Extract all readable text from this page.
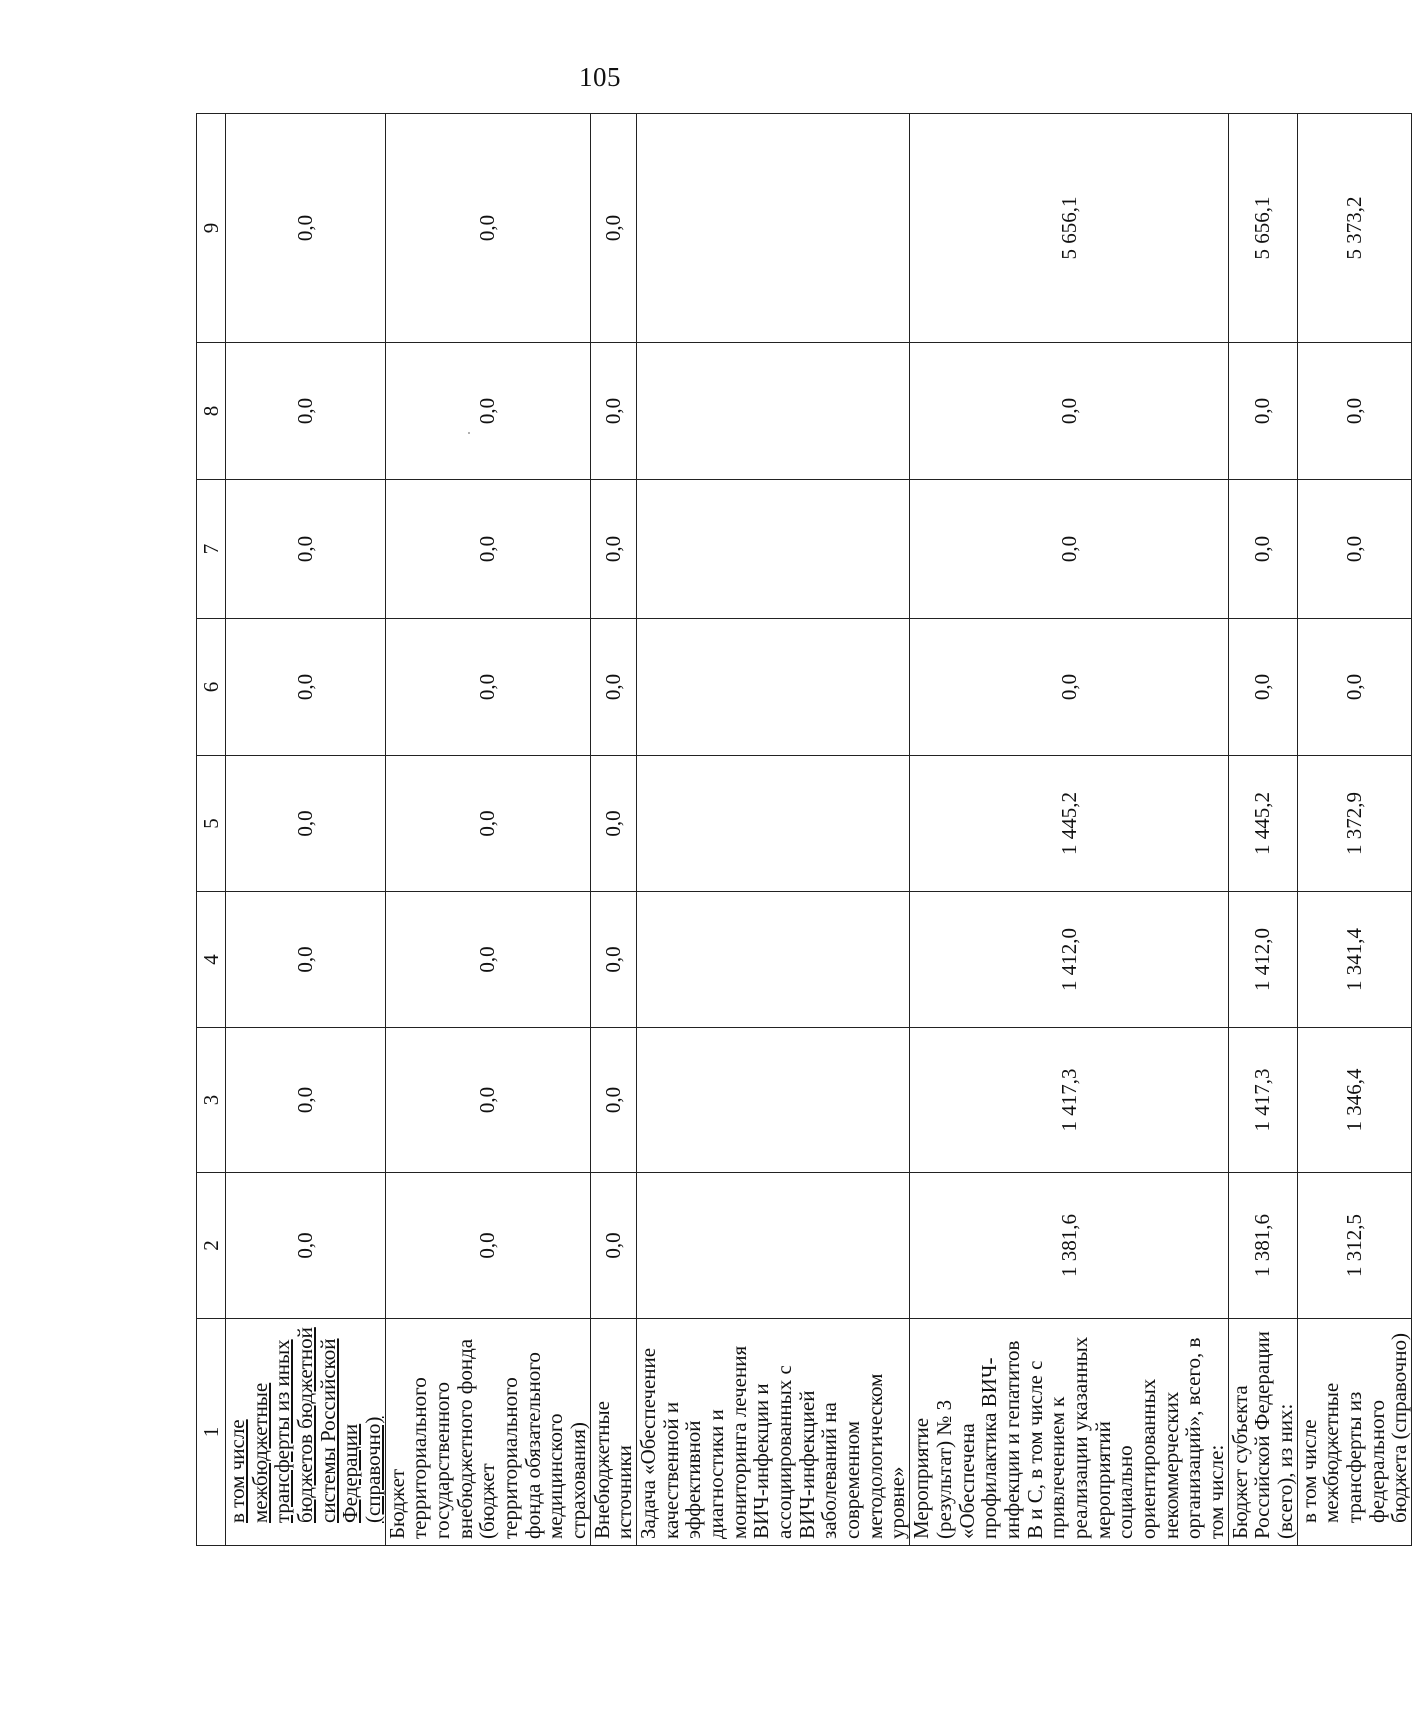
105
1	2	3	4	5	6	7	8	9
в том числе межбюджетные трансферты из иных бюджетов бюджетной системы Российской Федерации (справочно)	0,0	0,0	0,0	0,0	0,0	0,0	0,0	0,0
Бюджет территориального государственного внебюджетного фонда (бюджет территориального фонда обязательного медицинского страхования)	0,0	0,0	0,0	0,0	0,0	0,0	0,0	0,0
Внебюджетные источники	0,0	0,0	0,0	0,0	0,0	0,0	0,0	0,0
Задача «Обеспечение качественной и эффективной диагностики и мониторинга лечения ВИЧ-инфекции и ассоциированных с ВИЧ-инфекцией заболеваний на современном методологическом уровне»								
Мероприятие (результат) № 3 «Обеспечена профилактика ВИЧ-инфекции и гепатитов В и С, в том числе с привлечением к реализации указанных мероприятий социально ориентированных некоммерческих организаций», всего, в том числе:	1 381,6	1 417,3	1 412,0	1 445,2	0,0	0,0	0,0	5 656,1
Бюджет субъекта Российской Федерации (всего), из них:	1 381,6	1 417,3	1 412,0	1 445,2	0,0	0,0	0,0	5 656,1
в том числе межбюджетные трансферты из федерального бюджета (справочно)	1 312,5	1 346,4	1 341,4	1 372,9	0,0	0,0	0,0	5 373,2
